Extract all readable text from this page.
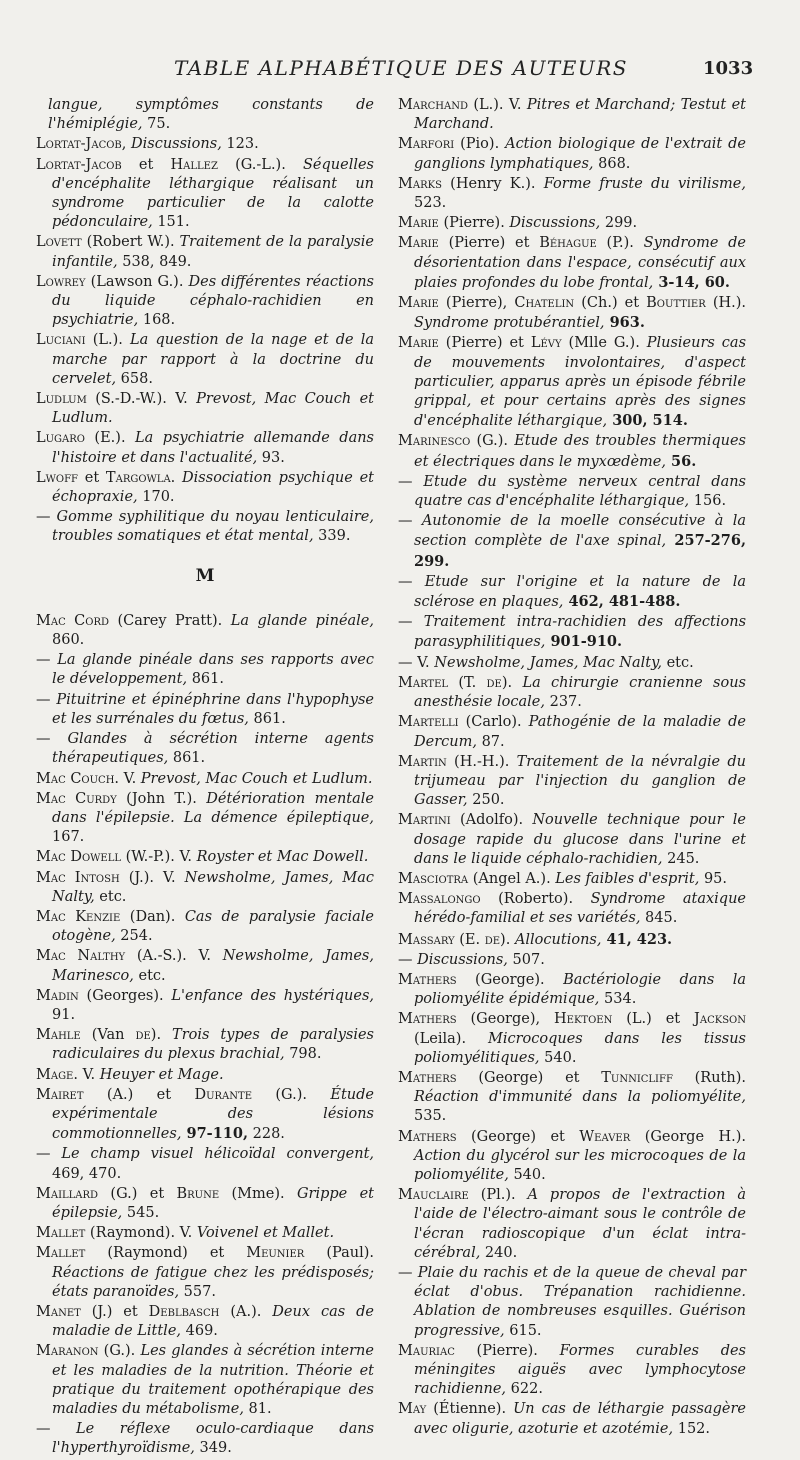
TABLE ALPHABÉTIQUE DES AUTEURS	1033

langue, symptômes constants de l'hémiplégie, 75.

Lortat-Jacob, Discussions, 123.

Lortat-Jacob et Hallez (G.-L.). Séquelles d'encéphalite léthargique réalisant un syndrome particulier de la calotte pédonculaire, 151.

Lovett (Robert W.). Traitement de la paralysie infantile, 538, 849.

Lowrey (Lawson G.). Des différentes réactions du liquide céphalo-rachidien en psychiatrie, 168.

Luciani (L.). La question de la nage et de la marche par rapport à la doctrine du cervelet, 658.

Ludlum (S.-D.-W.). V. Prevost, Mac Couch et Ludlum.

Lugaro (E.). La psychiatrie allemande dans l'histoire et dans l'actualité, 93.

Lwoff et Targowla. Dissociation psychique et échopraxie, 170.

— Gomme syphilitique du noyau lenticulaire, troubles somatiques et état mental, 339.

M

Mac Cord (Carey Pratt). La glande pinéale, 860.

— La glande pinéale dans ses rapports avec le développement, 861.

— Pituitrine et épinéphrine dans l'hypophyse et les surrénales du fœtus, 861.

— Glandes à sécrétion interne agents thérapeutiques, 861.

Mac Couch. V. Prevost, Mac Couch et Ludlum.

Mac Curdy (John T.). Détérioration mentale dans l'épilepsie. La démence épileptique, 167.

Mac Dowell (W.-P.). V. Royster et Mac Dowell.

Mac Intosh (J.). V. Newsholme, James, Mac Nalty, etc.

Mac Kenzie (Dan). Cas de paralysie faciale otogène, 254.

Mac Nalthy (A.-S.). V. Newsholme, James, Marinesco, etc.

Madin (Georges). L'enfance des hystériques, 91.

Mahle (Van de). Trois types de paralysies radiculaires du plexus brachial, 798.

Mage. V. Heuyer et Mage.

Mairet (A.) et Durante (G.). Étude expérimentale des lésions commotionnelles, 97-110, 228.

— Le champ visuel hélicoïdal convergent, 469, 470.

Maillard (G.) et Brune (Mme). Grippe et épilepsie, 545.

Mallet (Raymond). V. Voivenel et Mallet.

Mallet (Raymond) et Meunier (Paul). Réactions de fatigue chez les prédisposés; états paranoïdes, 557.

Manet (J.) et Deblbasch (A.). Deux cas de maladie de Little, 469.

Maranon (G.). Les glandes à sécrétion interne et les maladies de la nutrition. Théorie et pratique du traitement opothérapique des maladies du métabolisme, 81.

— Le réflexe oculo-cardiaque dans l'hyperthyroïdisme, 349.

Marchand (L.). V. Pitres et Marchand; Testut et Marchand.

Marfori (Pio). Action biologique de l'extrait de ganglions lymphatiques, 868.

Marks (Henry K.). Forme fruste du virilisme, 523.

Marie (Pierre). Discussions, 299.

Marie (Pierre) et Béhague (P.). Syndrome de désorientation dans l'espace, consécutif aux plaies profondes du lobe frontal, 3-14, 60.

Marie (Pierre), Chatelin (Ch.) et Bouttier (H.). Syndrome protubérantiel, 963.

Marie (Pierre) et Lévy (Mlle G.). Plusieurs cas de mouvements involontaires, d'aspect particulier, apparus après un épisode fébrile grippal, et pour certains après des signes d'encéphalite léthargique, 300, 514.

Marinesco (G.). Etude des troubles thermiques et électriques dans le myxœdème, 56.

— Etude du système nerveux central dans quatre cas d'encéphalite léthargique, 156.

— Autonomie de la moelle consécutive à la section complète de l'axe spinal, 257-276, 299.

— Etude sur l'origine et la nature de la sclérose en plaques, 462, 481-488.

— Traitement intra-rachidien des affections parasyphilitiques, 901-910.

— V. Newsholme, James, Mac Nalty, etc.

Martel (T. de). La chirurgie cranienne sous anesthésie locale, 237.

Martelli (Carlo). Pathogénie de la maladie de Dercum, 87.

Martin (H.-H.). Traitement de la névralgie du trijumeau par l'injection du ganglion de Gasser, 250.

Martini (Adolfo). Nouvelle technique pour le dosage rapide du glucose dans l'urine et dans le liquide céphalo-rachidien, 245.

Masciotra (Angel A.). Les faibles d'esprit, 95.

Massalongo (Roberto). Syndrome ataxique hérédo-familial et ses variétés, 845.

Massary (E. de). Allocutions, 41, 423.

— Discussions, 507.

Mathers (George). Bactériologie dans la poliomyélite épidémique, 534.

Mathers (George), Hektoen (L.) et Jackson (Leila). Microcoques dans les tissus poliomyélitiques, 540.

Mathers (George) et Tunnicliff (Ruth). Réaction d'immunité dans la poliomyélite, 535.

Mathers (George) et Weaver (George H.). Action du glycérol sur les microcoques de la poliomyélite, 540.

Mauclaire (Pl.). A propos de l'extraction à l'aide de l'électro-aimant sous le contrôle de l'écran radioscopique d'un éclat intra-cérébral, 240.

— Plaie du rachis et de la queue de cheval par éclat d'obus. Trépanation rachidienne. Ablation de nombreuses esquilles. Guérison progressive, 615.

Mauriac (Pierre). Formes curables des méningites aiguës avec lymphocytose rachidienne, 622.

May (Étienne). Un cas de léthargie passagère avec oligurie, azoturie et azotémie, 152.
